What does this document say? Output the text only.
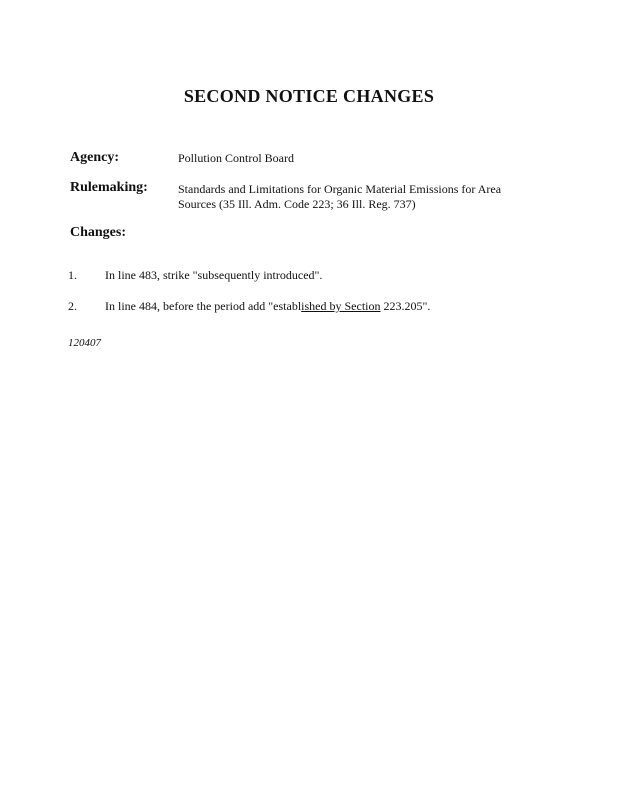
SECOND NOTICE CHANGES
Agency:	Pollution Control Board
Rulemaking:	Standards and Limitations for Organic Material Emissions for Area Sources (35 Ill. Adm. Code 223; 36 Ill. Reg. 737)
Changes:
1. In line 483, strike "subsequently introduced".
2. In line 484, before the period add "established by Section 223.205".
120407
